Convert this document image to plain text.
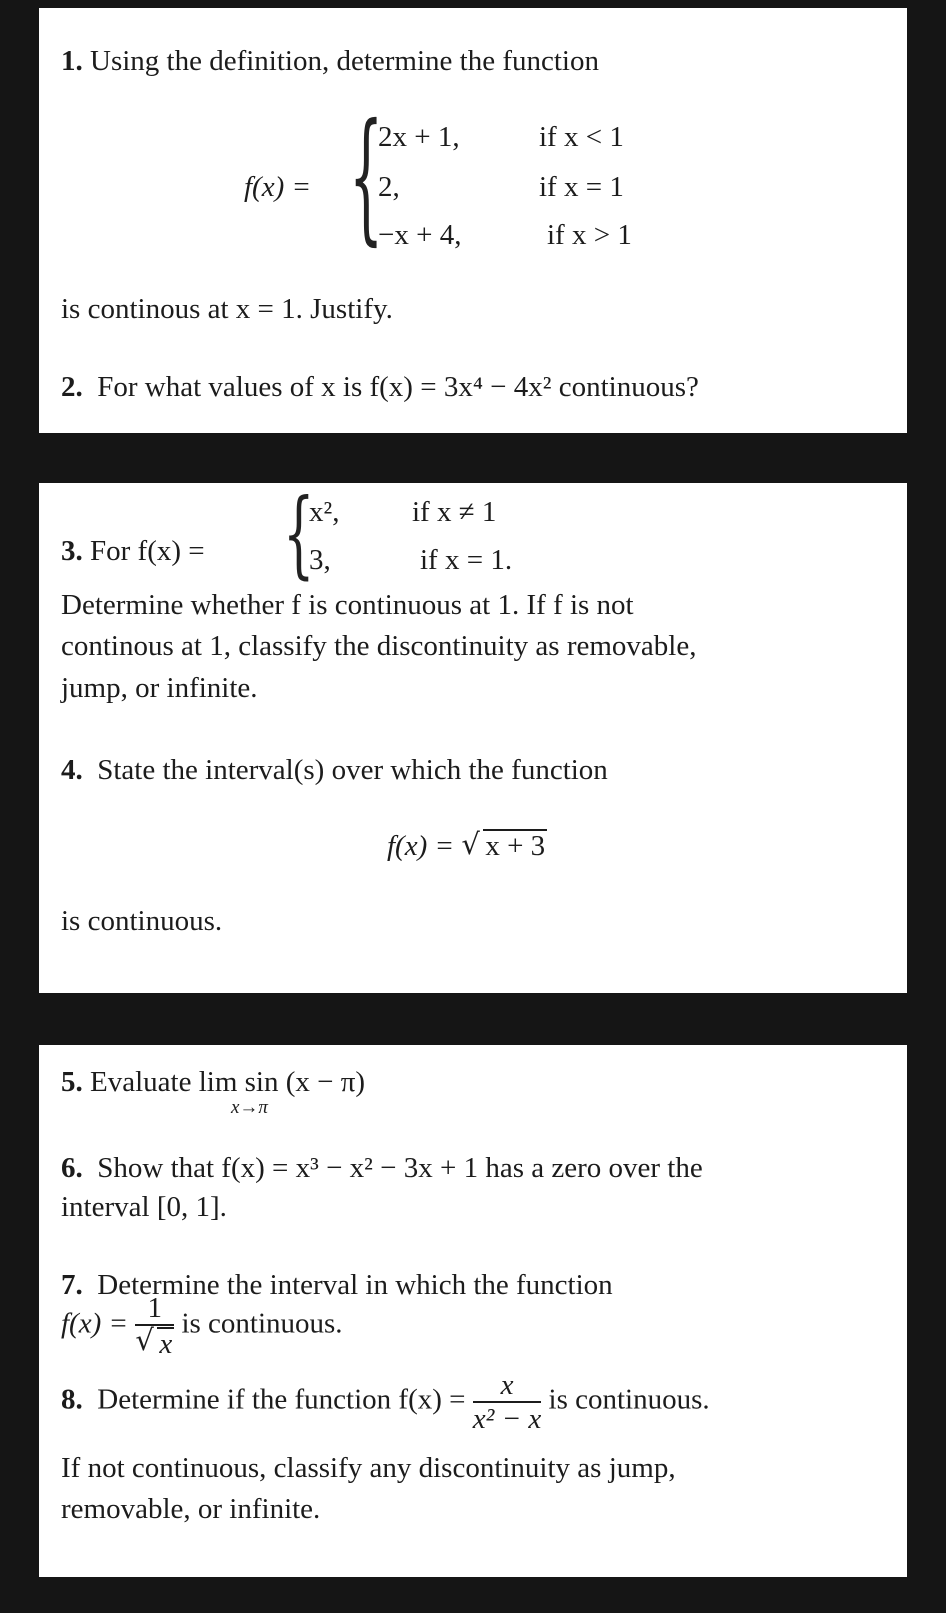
1. Using the definition, determine the function
f(x) = {
2x + 1,	if x < 1
2,	if x = 1
−x + 4,	if x > 1
is continous at x = 1. Justify.
2. For what values of x is f(x) = 3x⁴ − 4x² continuous?
3. For f(x) = {
x²,	if x ≠ 1
3,	if x = 1.
Determine whether f is continuous at 1. If f is not
continous at 1, classify the discontinuity as removable,
jump, or infinite.
4. State the interval(s) over which the function
f(x) = √ x + 3
is continuous.
5. Evaluate lim sin (x − π)
x→π
6. Show that f(x) = x³ − x² − 3x + 1 has a zero over the
interval [0, 1].
7. Determine the interval in which the function
$f(x) = \frac{1}{√ x}$ is continuous.
8. Determine if the function $f(x) = \frac{x}{\text{x² − x}}$ is continuous.
If not continuous, classify any discontinuity as jump,
removable, or infinite.
